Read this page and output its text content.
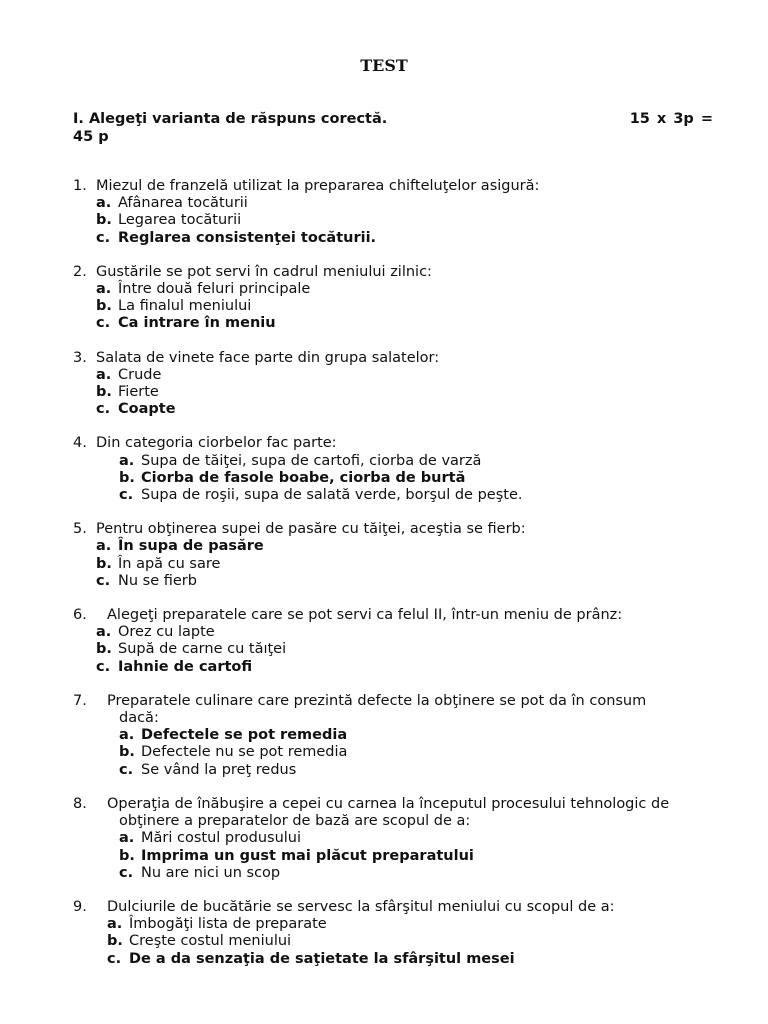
TEST
I. Alegeţi varianta de răspuns corectă.	15 x 3p =
45 p
1. Miezul de franzelă utilizat la prepararea chifteluţelor asigură:
a. Afânarea tocăturii
b. Legarea tocăturii
c. Reglarea consistenţei tocăturii.
2. Gustările se pot servi în cadrul meniului zilnic:
a. Între două feluri principale
b. La finalul meniului
c. Ca intrare în meniu
3. Salata de vinete face parte din grupa salatelor:
a. Crude
b. Fierte
c. Coapte
4. Din categoria ciorbelor fac parte:
a. Supa de tăiţei, supa de cartofi, ciorba de varză
b. Ciorba de fasole boabe, ciorba de burtă
c. Supa de roşii, supa de salată verde, borşul de peşte.
5. Pentru obţinerea supei de pasăre cu tăiţei, aceştia se fierb:
a. În supa de pasăre
b. În apă cu sare
c. Nu se fierb
6.	Alegeţi preparatele care se pot servi ca felul II, într-un meniu de prânz:
a. Orez cu lapte
b. Supă de carne cu tăıţei
c. Iahnie de cartofi
7.	Preparatele culinare care prezintă defecte la obţinere se pot da în consum
dacă:
a. Defectele se pot remedia
b. Defectele nu se pot remedia
c. Se vând la preţ redus
8.	Operaţia de înăbuşire a cepei cu carnea la începutul procesului tehnologic de
obţinere a preparatelor de bază are scopul de a:
a. Mări costul produsului
b. Imprima un gust mai plăcut preparatului
c. Nu are nici un scop
9.	Dulciurile de bucătărie se servesc la sfârşitul meniului cu scopul de a:
a. Îmbogăţi lista de preparate
b. Creşte costul meniului
c. De a da senzaţia de saţietate la sfârşitul mesei
